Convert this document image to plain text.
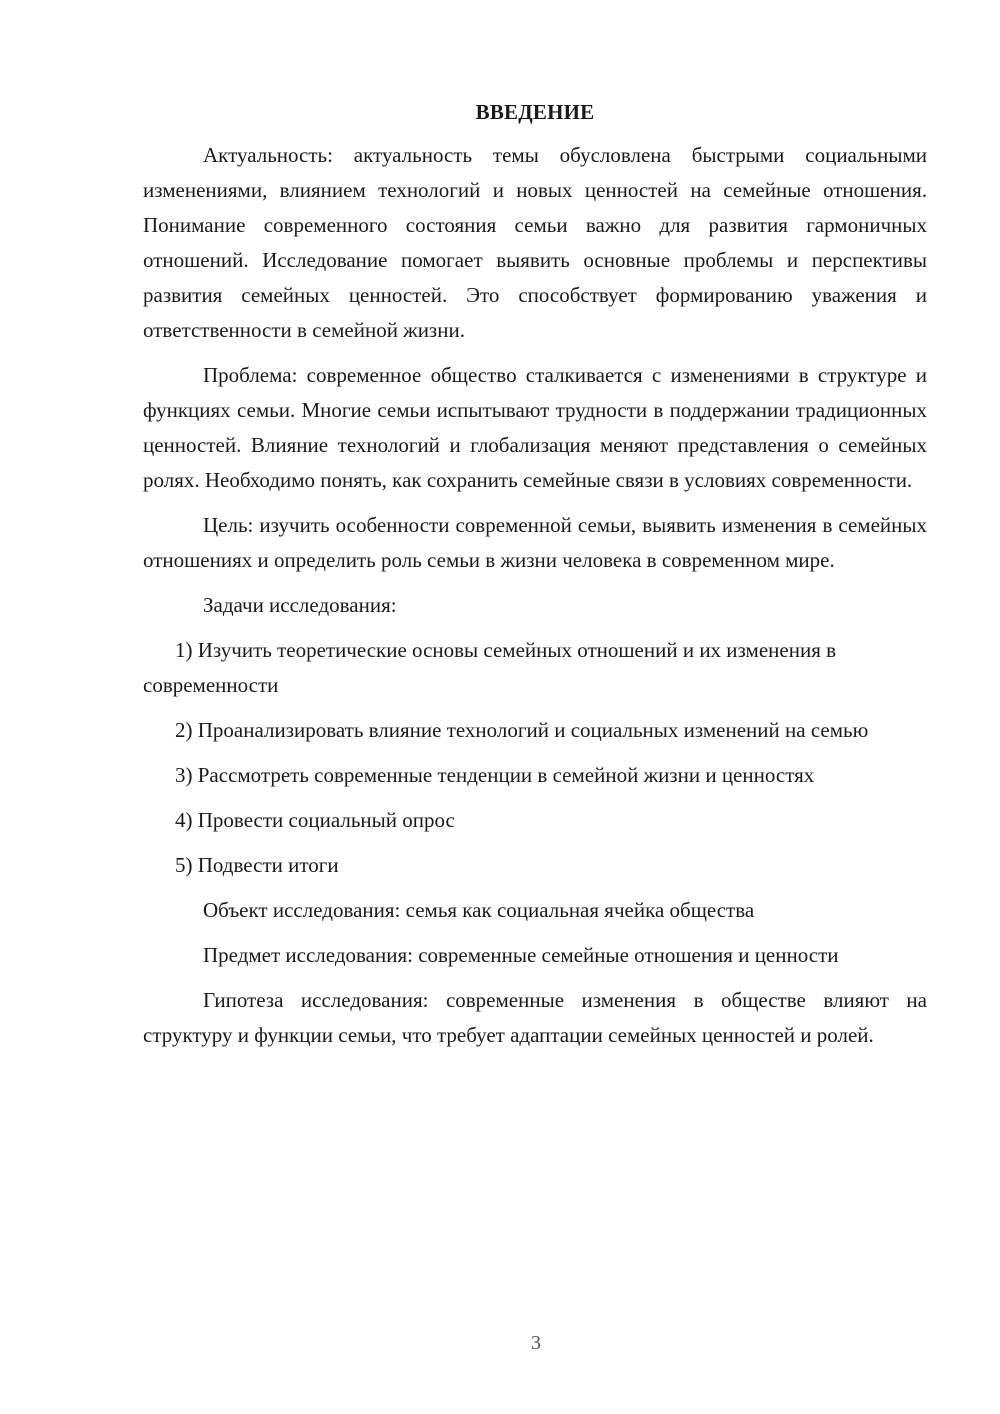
ВВЕДЕНИЕ

Актуальность: актуальность темы обусловлена быстрыми социальными изменениями, влиянием технологий и новых ценностей на семейные отношения. Понимание современного состояния семьи важно для развития гармоничных отношений. Исследование помогает выявить основные проблемы и перспективы развития семейных ценностей. Это способствует формированию уважения и ответственности в семейной жизни.

Проблема: современное общество сталкивается с изменениями в структуре и функциях семьи. Многие семьи испытывают трудности в поддержании традиционных ценностей. Влияние технологий и глобализация меняют представления о семейных ролях. Необходимо понять, как сохранить семейные связи в условиях современности.

Цель: изучить особенности современной семьи, выявить изменения в семейных отношениях и определить роль семьи в жизни человека в современном мире.

Задачи исследования:

1) Изучить теоретические основы семейных отношений и их изменения в современности

2) Проанализировать влияние технологий и социальных изменений на семью

3) Рассмотреть современные тенденции в семейной жизни и ценностях

4) Провести социальный опрос

5) Подвести итоги

Объект исследования: семья как социальная ячейка общества

Предмет исследования: современные семейные отношения и ценности

Гипотеза исследования: современные изменения в обществе влияют на структуру и функции семьи, что требует адаптации семейных ценностей и ролей.

3
